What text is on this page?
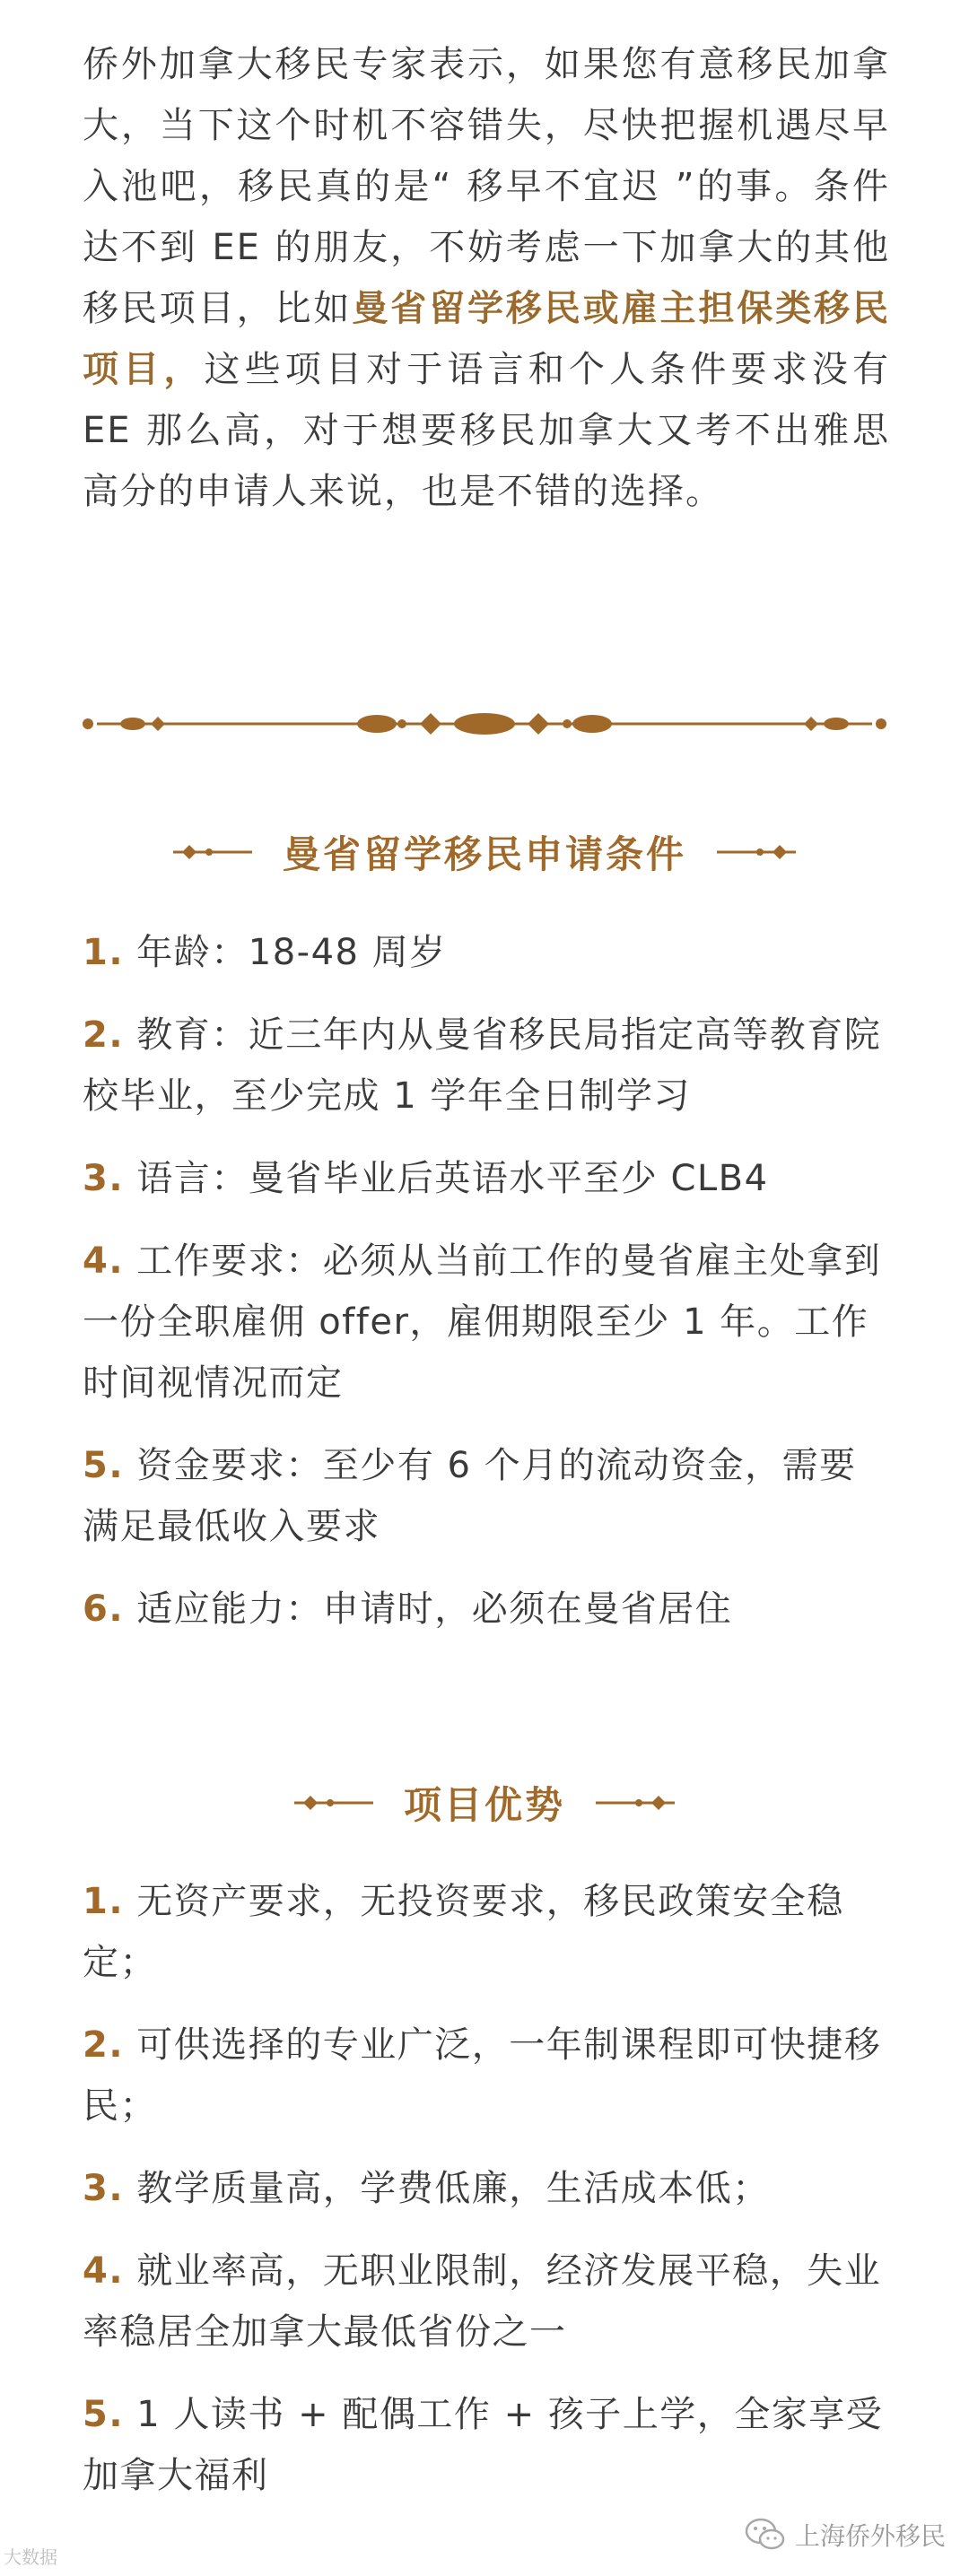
侨外加拿大移民专家表示，如果您有意移民加拿大，当下这个时机不容错失，尽快把握机遇尽早入池吧，移民真的是“ 移早不宜迟 ”的事。条件达不到 EE 的朋友，不妨考虑一下加拿大的其他移民项目，比如曼省留学移民或雇主担保类移民项目，这些项目对于语言和个人条件要求没有 EE 那么高，对于想要移民加拿大又考不出雅思高分的申请人来说，也是不错的选择。

曼省留学移民申请条件
1. 年龄：18-48 周岁
2. 教育：近三年内从曼省移民局指定高等教育院校毕业，至少完成 1 学年全日制学习
3. 语言：曼省毕业后英语水平至少 CLB4
4. 工作要求：必须从当前工作的曼省雇主处拿到一份全职雇佣 offer，雇佣期限至少 1 年。工作时间视情况而定
5. 资金要求：至少有 6 个月的流动资金，需要满足最低收入要求
6. 适应能力：申请时，必须在曼省居住
项目优势
1. 无资产要求，无投资要求，移民政策安全稳定；
2. 可供选择的专业广泛，一年制课程即可快捷移民；
3. 教学质量高，学费低廉，生活成本低；
4. 就业率高，无职业限制，经济发展平稳，失业率稳居全加拿大最低省份之一
5. 1 人读书 + 配偶工作 + 孩子上学，全家享受加拿大福利
大数据
上海侨外移民
